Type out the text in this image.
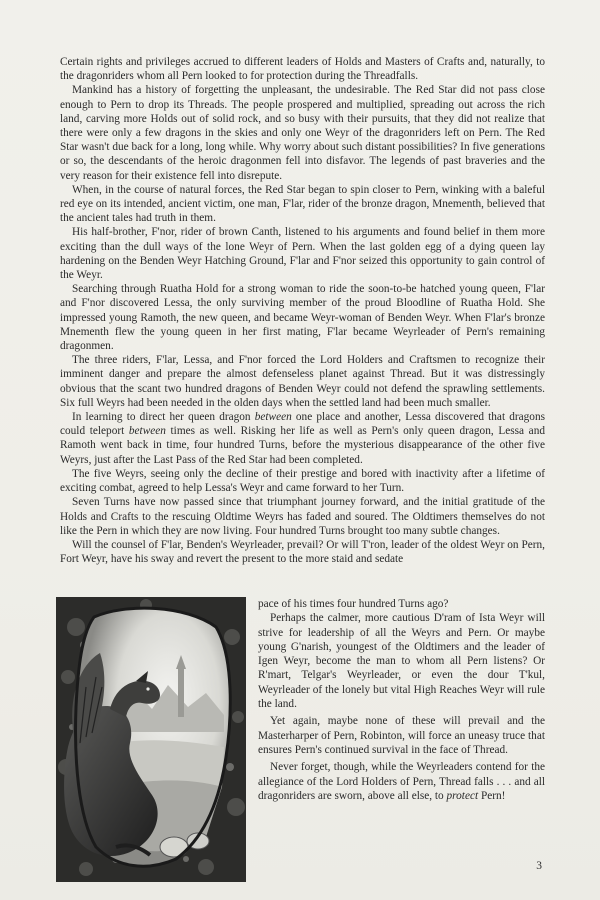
Certain rights and privileges accrued to different leaders of Holds and Masters of Crafts and, naturally, to the dragonriders whom all Pern looked to for protection during the Threadfalls.

Mankind has a history of forgetting the unpleasant, the undesirable. The Red Star did not pass close enough to Pern to drop its Threads. The people prospered and multiplied, spreading out across the rich land, carving more Holds out of solid rock, and so busy with their pursuits, that they did not realize that there were only a few dragons in the skies and only one Weyr of the dragonriders left on Pern. The Red Star wasn't due back for a long, long while. Why worry about such distant possibilities? In five generations or so, the descendants of the heroic dragonmen fell into disfavor. The legends of past braveries and the very reason for their existence fell into disrepute.

When, in the course of natural forces, the Red Star began to spin closer to Pern, winking with a baleful red eye on its intended, ancient victim, one man, F'lar, rider of the bronze dragon, Mnementh, believed that the ancient tales had truth in them.

His half-brother, F'nor, rider of brown Canth, listened to his arguments and found belief in them more exciting than the dull ways of the lone Weyr of Pern. When the last golden egg of a dying queen lay hardening on the Benden Weyr Hatching Ground, F'lar and F'nor seized this opportunity to gain control of the Weyr.

Searching through Ruatha Hold for a strong woman to ride the soon-to-be hatched young queen, F'lar and F'nor discovered Lessa, the only surviving member of the proud Bloodline of Ruatha Hold. She impressed young Ramoth, the new queen, and became Weyr-woman of Benden Weyr. When F'lar's bronze Mnementh flew the young queen in her first mating, F'lar became Weyrleader of Pern's remaining dragonmen.

The three riders, F'lar, Lessa, and F'nor forced the Lord Holders and Craftsmen to recognize their imminent danger and prepare the almost defenseless planet against Thread. But it was distressingly obvious that the scant two hundred dragons of Benden Weyr could not defend the sprawling settlements. Six full Weyrs had been needed in the olden days when the settled land had been much smaller.

In learning to direct her queen dragon between one place and another, Lessa discovered that dragons could teleport between times as well. Risking her life as well as Pern's only queen dragon, Lessa and Ramoth went back in time, four hundred Turns, before the mysterious disappearance of the other five Weyrs, just after the Last Pass of the Red Star had been completed.

The five Weyrs, seeing only the decline of their prestige and bored with inactivity after a lifetime of exciting combat, agreed to help Lessa's Weyr and came forward to her Turn.

Seven Turns have now passed since that triumphant journey forward, and the initial gratitude of the Holds and Crafts to the rescuing Oldtime Weyrs has faded and soured. The Oldtimers themselves do not like the Pern in which they are now living. Four hundred Turns brought too many subtle changes.

Will the counsel of F'lar, Benden's Weyrleader, prevail? Or will T'ron, leader of the oldest Weyr on Pern, Fort Weyr, have his sway and revert the present to the more staid and sedate

pace of his times four hundred Turns ago?

Perhaps the calmer, more cautious D'ram of Ista Weyr will strive for leadership of all the Weyrs and Pern. Or maybe young G'narish, youngest of the Oldtimers and the leader of Igen Weyr, become the man to whom all Pern listens? Or R'mart, Telgar's Weyrleader, or even the dour T'kul, Weyrleader of the lonely but vital High Reaches Weyr will rule the land.

Yet again, maybe none of these will prevail and the Masterharper of Pern, Robinton, will force an uneasy truce that ensures Pern's continued survival in the face of Thread.

Never forget, though, while the Weyrleaders contend for the allegiance of the Lord Holders of Pern, Thread falls . . . and all dragonriders are sworn, above all else, to protect Pern!

3
